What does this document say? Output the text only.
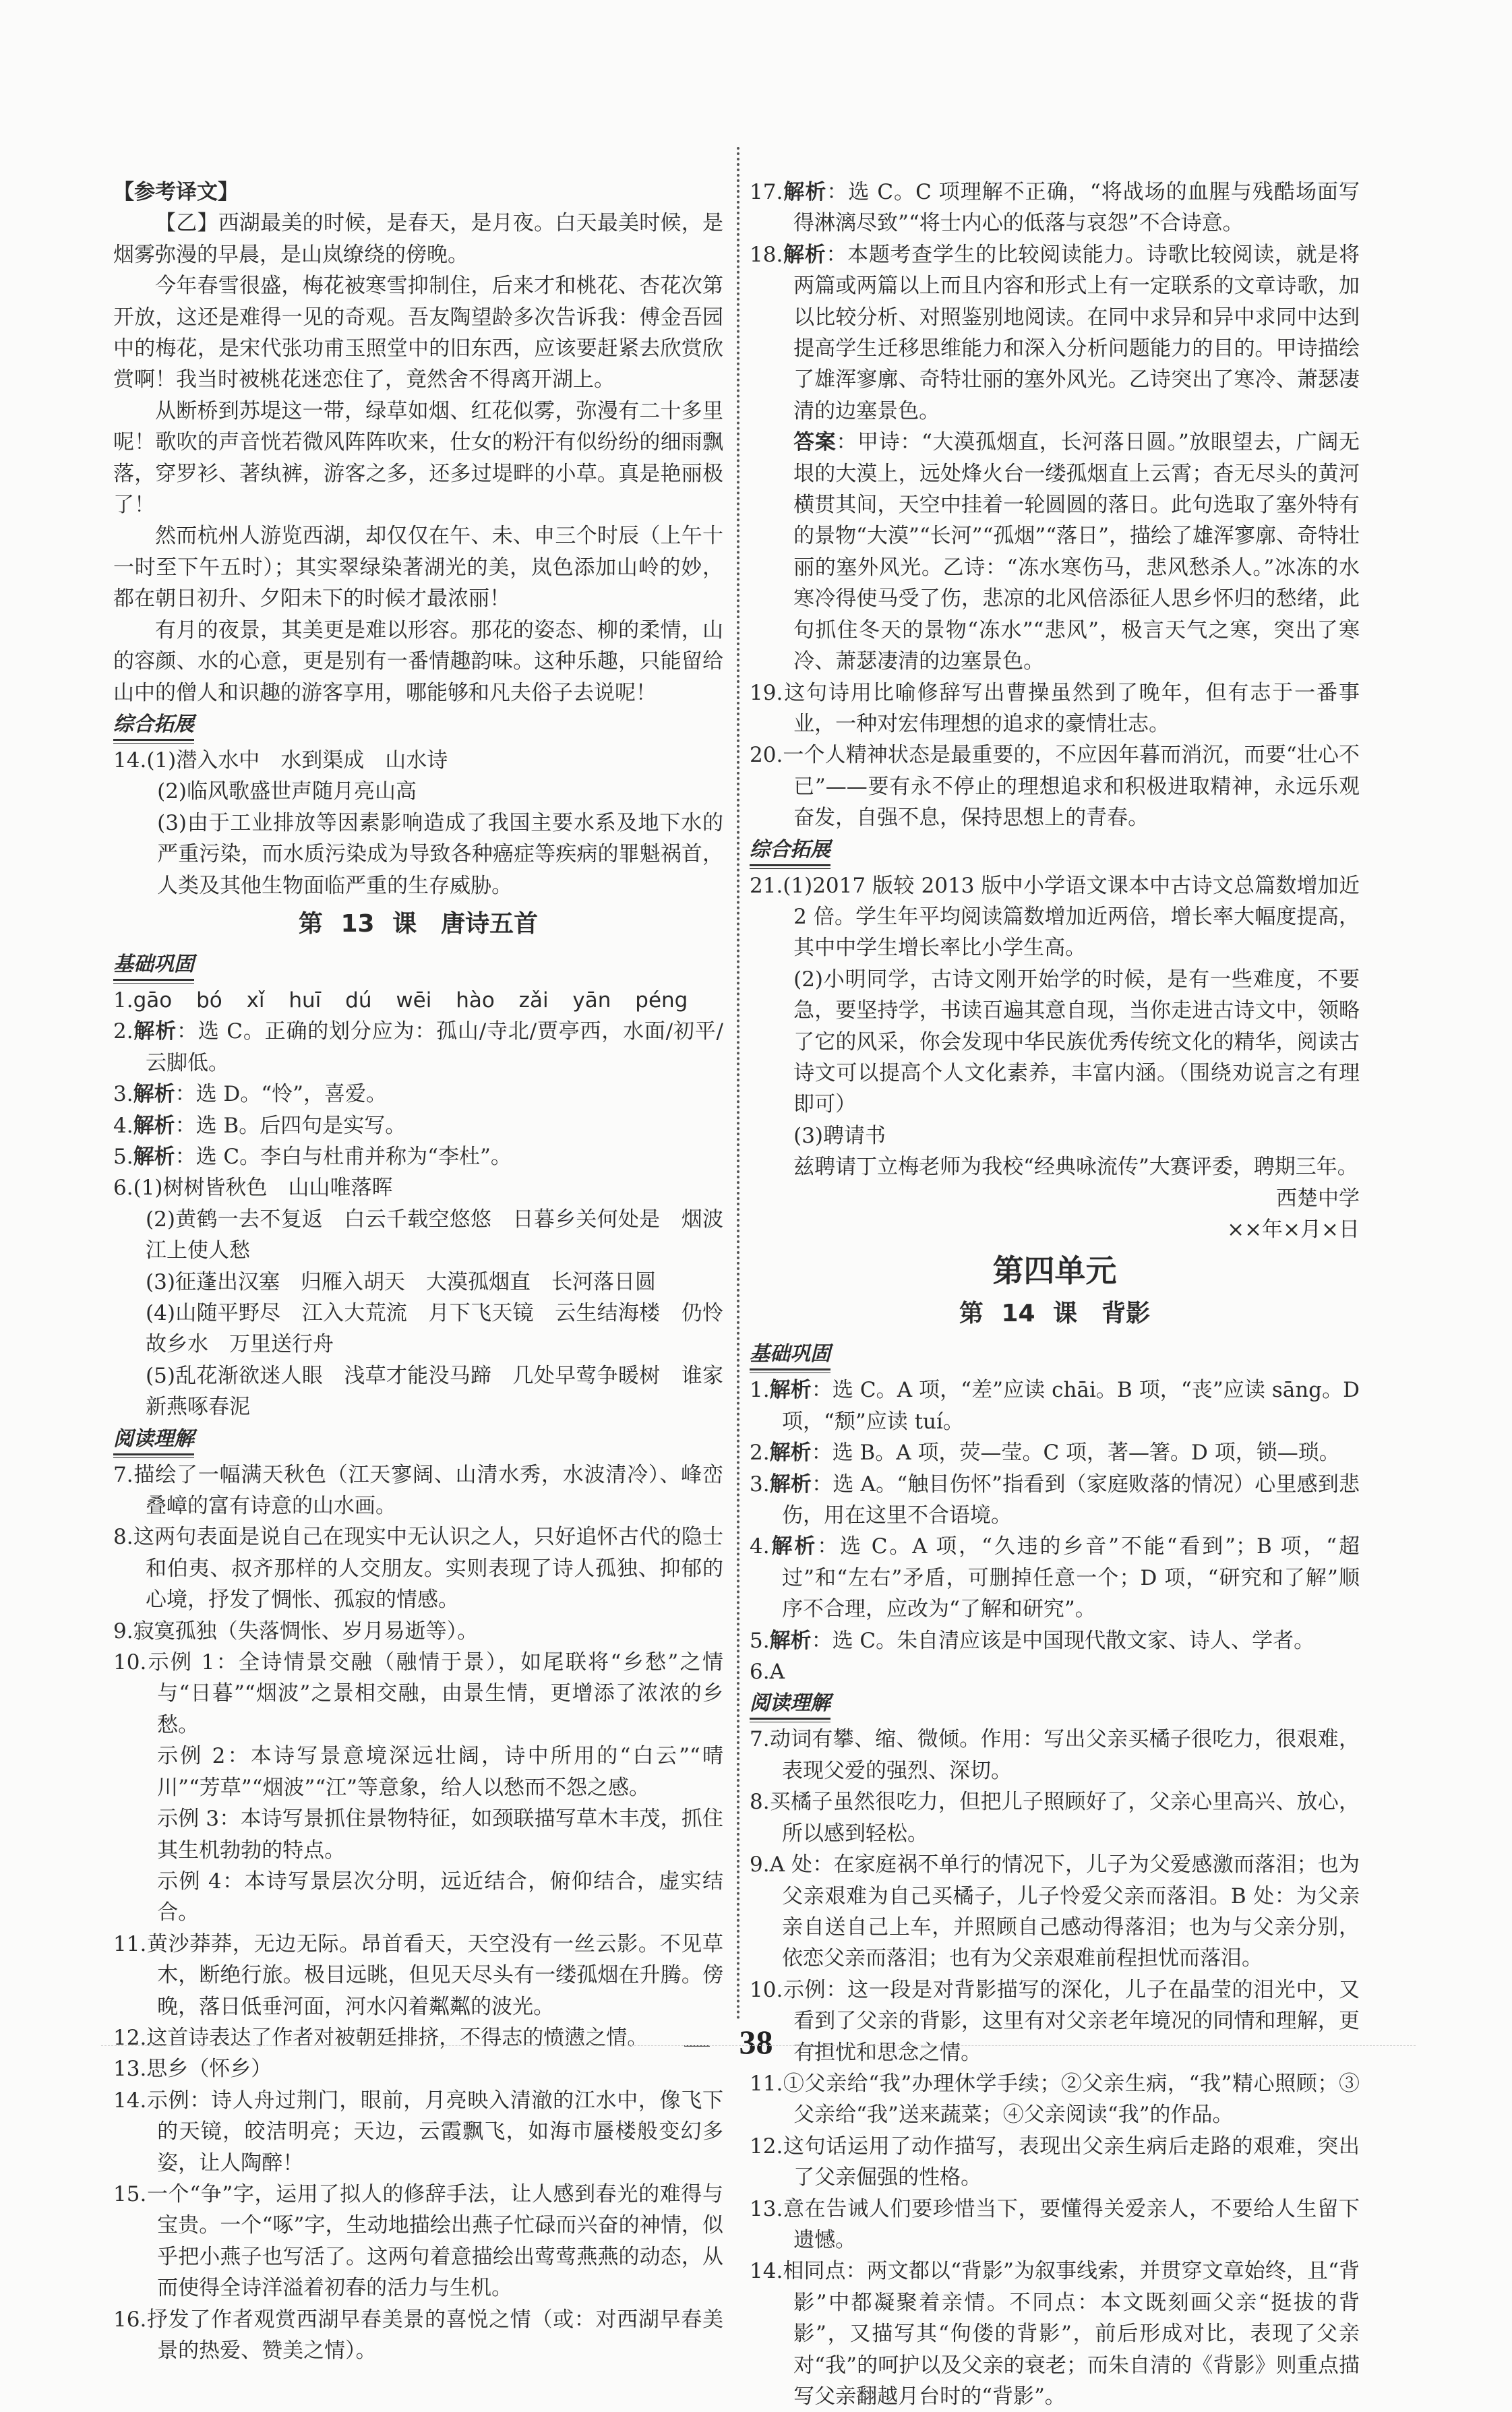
【参考译文】

【乙】西湖最美的时候，是春天，是月夜。白天最美时候，是烟雾弥漫的早晨，是山岚缭绕的傍晚。

今年春雪很盛，梅花被寒雪抑制住，后来才和桃花、杏花次第开放，这还是难得一见的奇观。吾友陶望龄多次告诉我：傅金吾园中的梅花，是宋代张功甫玉照堂中的旧东西，应该要赶紧去欣赏欣赏啊！我当时被桃花迷恋住了，竟然舍不得离开湖上。

从断桥到苏堤这一带，绿草如烟、红花似雾，弥漫有二十多里呢！歌吹的声音恍若微风阵阵吹来，仕女的粉汗有似纷纷的细雨飘落，穿罗衫、著纨裤，游客之多，还多过堤畔的小草。真是艳丽极了！

然而杭州人游览西湖，却仅仅在午、未、申三个时辰（上午十一时至下午五时）；其实翠绿染著湖光的美，岚色添加山岭的妙，都在朝日初升、夕阳未下的时候才最浓丽！

有月的夜景，其美更是难以形容。那花的姿态、柳的柔情，山的容颜、水的心意，更是别有一番情趣韵味。这种乐趣，只能留给山中的僧人和识趣的游客享用，哪能够和凡夫俗子去说呢！

综合拓展

14.(1)潜入水中　水到渠成　山水诗

(2)临风歌盛世声随月亮山高

(3)由于工业排放等因素影响造成了我国主要水系及地下水的严重污染，而水质污染成为导致各种癌症等疾病的罪魁祸首，人类及其他生物面临严重的生存威胁。

第 13 课　唐诗五首
基础巩固

1.gāo bó xǐ huī dú wēi hào zǎi yān péng

2.解析：选 C。正确的划分应为：孤山/寺北/贾亭西，水面/初平/云脚低。

3.解析：选 D。“怜”，喜爱。

4.解析：选 B。后四句是实写。

5.解析：选 C。李白与杜甫并称为“李杜”。

6.(1)树树皆秋色　山山唯落晖

(2)黄鹤一去不复返　白云千载空悠悠　日暮乡关何处是　烟波江上使人愁

(3)征蓬出汉塞　归雁入胡天　大漠孤烟直　长河落日圆

(4)山随平野尽　江入大荒流　月下飞天镜　云生结海楼　仍怜故乡水　万里送行舟

(5)乱花渐欲迷人眼　浅草才能没马蹄　几处早莺争暖树　谁家新燕啄春泥

阅读理解

7.描绘了一幅满天秋色（江天寥阔、山清水秀，水波清冷）、峰峦叠嶂的富有诗意的山水画。

8.这两句表面是说自己在现实中无认识之人，只好追怀古代的隐士和伯夷、叔齐那样的人交朋友。实则表现了诗人孤独、抑郁的心境，抒发了惆怅、孤寂的情感。

9.寂寞孤独（失落惆怅、岁月易逝等）。

10.示例 1：全诗情景交融（融情于景），如尾联将“乡愁”之情与“日暮”“烟波”之景相交融，由景生情，更增添了浓浓的乡愁。

示例 2：本诗写景意境深远壮阔，诗中所用的“白云”“晴川”“芳草”“烟波”“江”等意象，给人以愁而不怨之感。

示例 3：本诗写景抓住景物特征，如颈联描写草木丰茂，抓住其生机勃勃的特点。

示例 4：本诗写景层次分明，远近结合，俯仰结合，虚实结合。

11.黄沙莽莽，无边无际。昂首看天，天空没有一丝云影。不见草木，断绝行旅。极目远眺，但见天尽头有一缕孤烟在升腾。傍晚，落日低垂河面，河水闪着粼粼的波光。

12.这首诗表达了作者对被朝廷排挤，不得志的愤懑之情。

13.思乡（怀乡）

14.示例：诗人舟过荆门，眼前，月亮映入清澈的江水中，像飞下的天镜，皎洁明亮；天边，云霞飘飞，如海市蜃楼般变幻多姿，让人陶醉！

15.一个“争”字，运用了拟人的修辞手法，让人感到春光的难得与宝贵。一个“啄”字，生动地描绘出燕子忙碌而兴奋的神情，似乎把小燕子也写活了。这两句着意描绘出莺莺燕燕的动态，从而使得全诗洋溢着初春的活力与生机。

16.抒发了作者观赏西湖早春美景的喜悦之情（或：对西湖早春美景的热爱、赞美之情）。

17.解析：选 C。C 项理解不正确，“将战场的血腥与残酷场面写得淋漓尽致”“将士内心的低落与哀怨”不合诗意。

18.解析：本题考查学生的比较阅读能力。诗歌比较阅读，就是将两篇或两篇以上而且内容和形式上有一定联系的文章诗歌，加以比较分析、对照鉴别地阅读。在同中求异和异中求同中达到提高学生迁移思维能力和深入分析问题能力的目的。甲诗描绘了雄浑寥廓、奇特壮丽的塞外风光。乙诗突出了寒冷、萧瑟凄清的边塞景色。

答案：甲诗：“大漠孤烟直，长河落日圆。”放眼望去，广阔无垠的大漠上，远处烽火台一缕孤烟直上云霄；杳无尽头的黄河横贯其间，天空中挂着一轮圆圆的落日。此句选取了塞外特有的景物“大漠”“长河”“孤烟”“落日”，描绘了雄浑寥廓、奇特壮丽的塞外风光。乙诗：“冻水寒伤马，悲风愁杀人。”冰冻的水寒冷得使马受了伤，悲凉的北风倍添征人思乡怀归的愁绪，此句抓住冬天的景物“冻水”“悲风”，极言天气之寒，突出了寒冷、萧瑟凄清的边塞景色。

19.这句诗用比喻修辞写出曹操虽然到了晚年，但有志于一番事业，一种对宏伟理想的追求的豪情壮志。

20.一个人精神状态是最重要的，不应因年暮而消沉，而要“壮心不已”——要有永不停止的理想追求和积极进取精神，永远乐观奋发，自强不息，保持思想上的青春。

综合拓展

21.(1)2017 版较 2013 版中小学语文课本中古诗文总篇数增加近 2 倍。学生年平均阅读篇数增加近两倍，增长率大幅度提高，其中中学生增长率比小学生高。

(2)小明同学，古诗文刚开始学的时候，是有一些难度，不要急，要坚持学，书读百遍其意自现，当你走进古诗文中，领略了它的风采，你会发现中华民族优秀传统文化的精华，阅读古诗文可以提高个人文化素养，丰富内涵。（围绕劝说言之有理即可）

(3)聘请书

兹聘请丁立梅老师为我校“经典咏流传”大赛评委，聘期三年。

西楚中学

××年×月×日

第四单元
第 14 课　背影
基础巩固

1.解析：选 C。A 项，“差”应读 chāi。B 项，“丧”应读 sāng。D 项，“颓”应读 tuí。

2.解析：选 B。A 项，荧—莹。C 项，著—箸。D 项，锁—琐。

3.解析：选 A。“触目伤怀”指看到（家庭败落的情况）心里感到悲伤，用在这里不合语境。

4.解析：选 C。A 项，“久违的乡音”不能“看到”；B 项，“超过”和“左右”矛盾，可删掉任意一个；D 项，“研究和了解”顺序不合理，应改为“了解和研究”。

5.解析：选 C。朱自清应该是中国现代散文家、诗人、学者。

6.A

阅读理解

7.动词有攀、缩、微倾。作用：写出父亲买橘子很吃力，很艰难，表现父爱的强烈、深切。

8.买橘子虽然很吃力，但把儿子照顾好了，父亲心里高兴、放心，所以感到轻松。

9.A 处：在家庭祸不单行的情况下，儿子为父爱感激而落泪；也为父亲艰难为自己买橘子，儿子怜爱父亲而落泪。B 处：为父亲亲自送自己上车，并照顾自己感动得落泪；也为与父亲分别，依恋父亲而落泪；也有为父亲艰难前程担忧而落泪。

10.示例：这一段是对背影描写的深化，儿子在晶莹的泪光中，又看到了父亲的背影，这里有对父亲老年境况的同情和理解，更有担忧和思念之情。

11.①父亲给“我”办理休学手续；②父亲生病，“我”精心照顾；③父亲给“我”送来蔬菜；④父亲阅读“我”的作品。

12.这句话运用了动作描写，表现出父亲生病后走路的艰难，突出了父亲倔强的性格。

13.意在告诫人们要珍惜当下，要懂得关爱亲人，不要给人生留下遗憾。

14.相同点：两文都以“背影”为叙事线索，并贯穿文章始终，且“背影”中都凝聚着亲情。不同点：本文既刻画父亲“挺拔的背影”，又描写其“佝偻的背影”，前后形成对比，表现了父亲对“我”的呵护以及父亲的衰老；而朱自清的《背影》则重点描写父亲翻越月台时的“背影”。

38
